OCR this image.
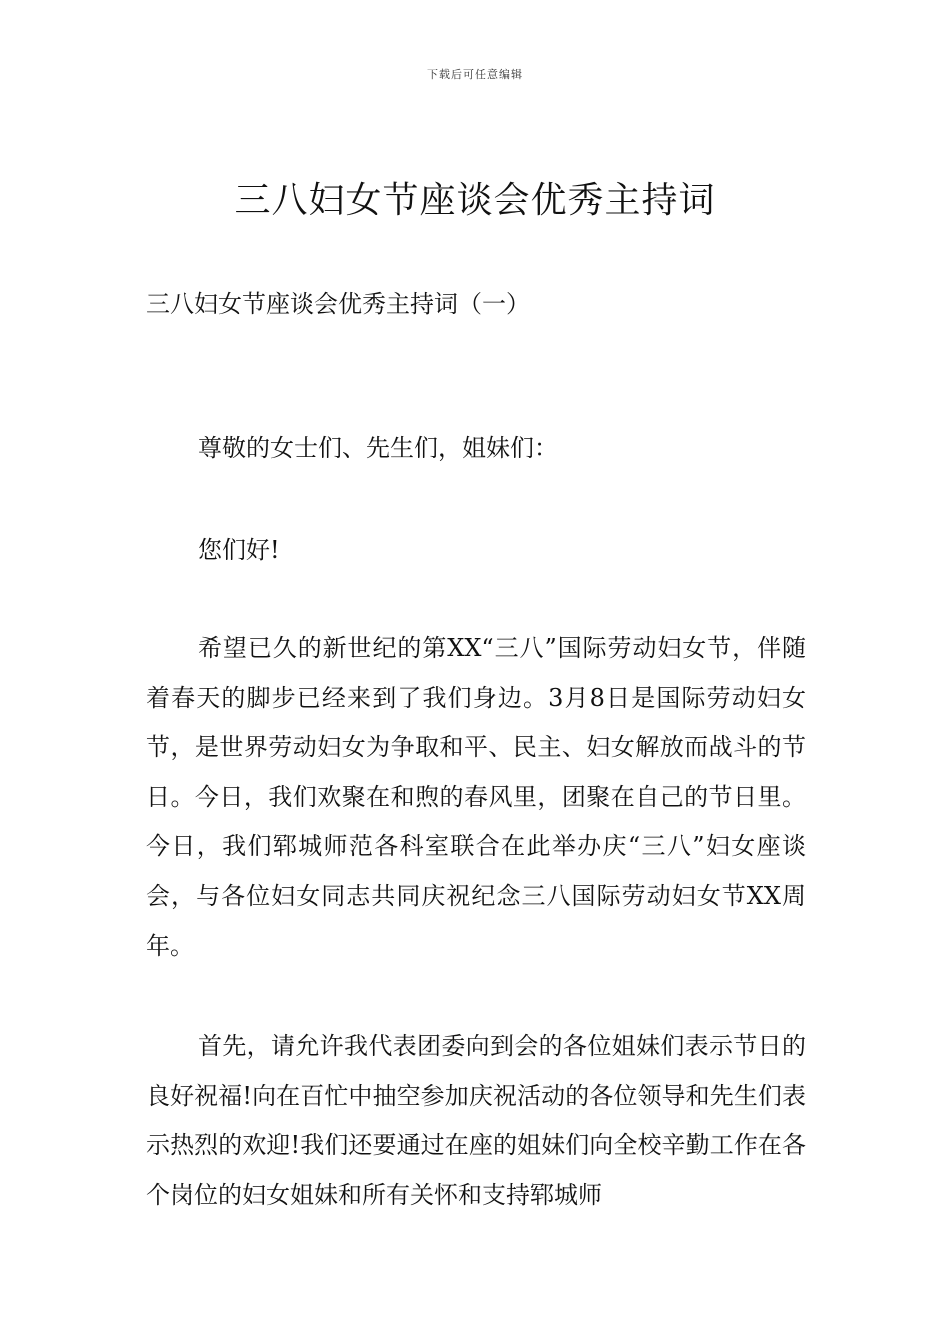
下载后可任意编辑
三八妇女节座谈会优秀主持词

三八妇女节座谈会优秀主持词（一）

尊敬的女士们、先生们，姐妹们：

您们好!

希望已久的新世纪的第XX“三八”国际劳动妇女节，伴随着春天的脚步已经来到了我们身边。3月8日是国际劳动妇女节，是世界劳动妇女为争取和平、民主、妇女解放而战斗的节日。今日，我们欢聚在和煦的春风里，团聚在自己的节日里。今日，我们郓城师范各科室联合在此举办庆“三八”妇女座谈会，与各位妇女同志共同庆祝纪念三八国际劳动妇女节XX周年。

首先，请允许我代表团委向到会的各位姐妹们表示节日的良好祝福!向在百忙中抽空参加庆祝活动的各位领导和先生们表示热烈的欢迎!我们还要通过在座的姐妹们向全校辛勤工作在各个岗位的妇女姐妹和所有关怀和支持郓城师
